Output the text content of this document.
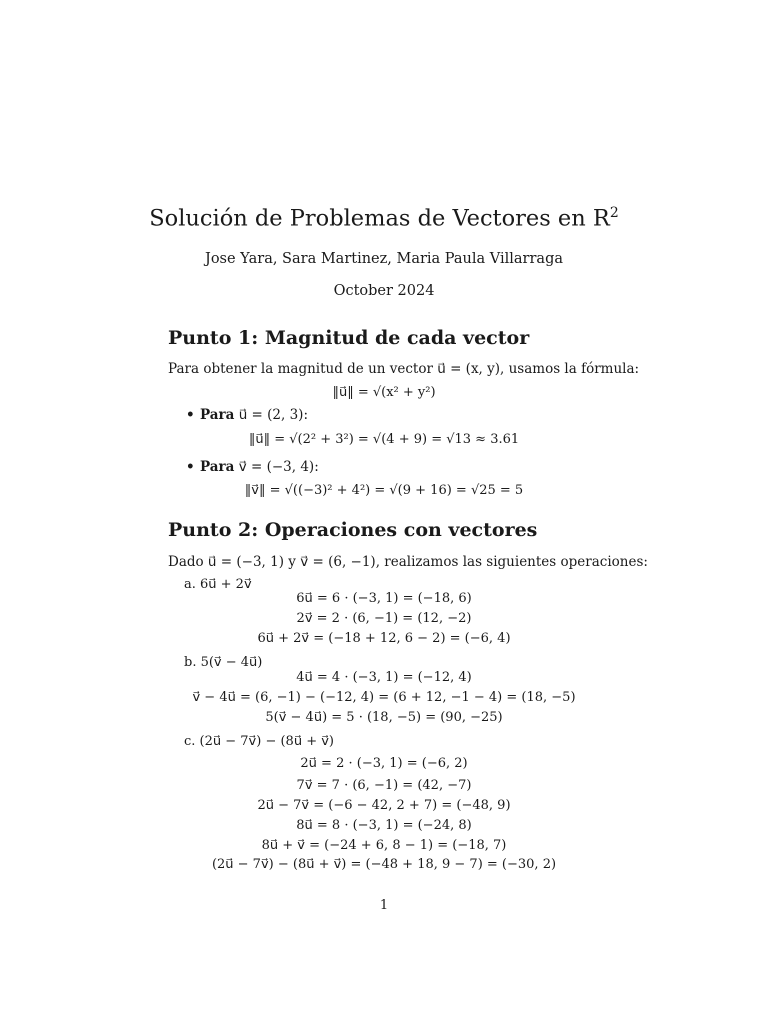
Solución de Problemas de Vectores en $R^2$
Jose Yara, Sara Martinez, Maria Paula Villarraga
October 2024
Punto 1: Magnitud de cada vector
Para obtener la magnitud de un vector u⃗ = (x, y), usamos la fórmula:
‖u⃗‖ = √(x² + y²)
• Para u⃗ = (2, 3):
‖u⃗‖ = √(2² + 3²) = √(4 + 9) = √13 ≈ 3.61
• Para v⃗ = (−3, 4):
‖v⃗‖ = √((−3)² + 4²) = √(9 + 16) = √25 = 5
Punto 2: Operaciones con vectores
Dado u⃗ = (−3, 1) y v⃗ = (6, −1), realizamos las siguientes operaciones:
a. 6u⃗ + 2v⃗
6u⃗ = 6 · (−3, 1) = (−18, 6)
2v⃗ = 2 · (6, −1) = (12, −2)
6u⃗ + 2v⃗ = (−18 + 12, 6 − 2) = (−6, 4)
b. 5(v⃗ − 4u⃗)
4u⃗ = 4 · (−3, 1) = (−12, 4)
v⃗ − 4u⃗ = (6, −1) − (−12, 4) = (6 + 12, −1 − 4) = (18, −5)
5(v⃗ − 4u⃗) = 5 · (18, −5) = (90, −25)
c. (2u⃗ − 7v⃗) − (8u⃗ + v⃗)
2u⃗ = 2 · (−3, 1) = (−6, 2)
7v⃗ = 7 · (6, −1) = (42, −7)
2u⃗ − 7v⃗ = (−6 − 42, 2 + 7) = (−48, 9)
8u⃗ = 8 · (−3, 1) = (−24, 8)
8u⃗ + v⃗ = (−24 + 6, 8 − 1) = (−18, 7)
(2u⃗ − 7v⃗) − (8u⃗ + v⃗) = (−48 + 18, 9 − 7) = (−30, 2)
1
